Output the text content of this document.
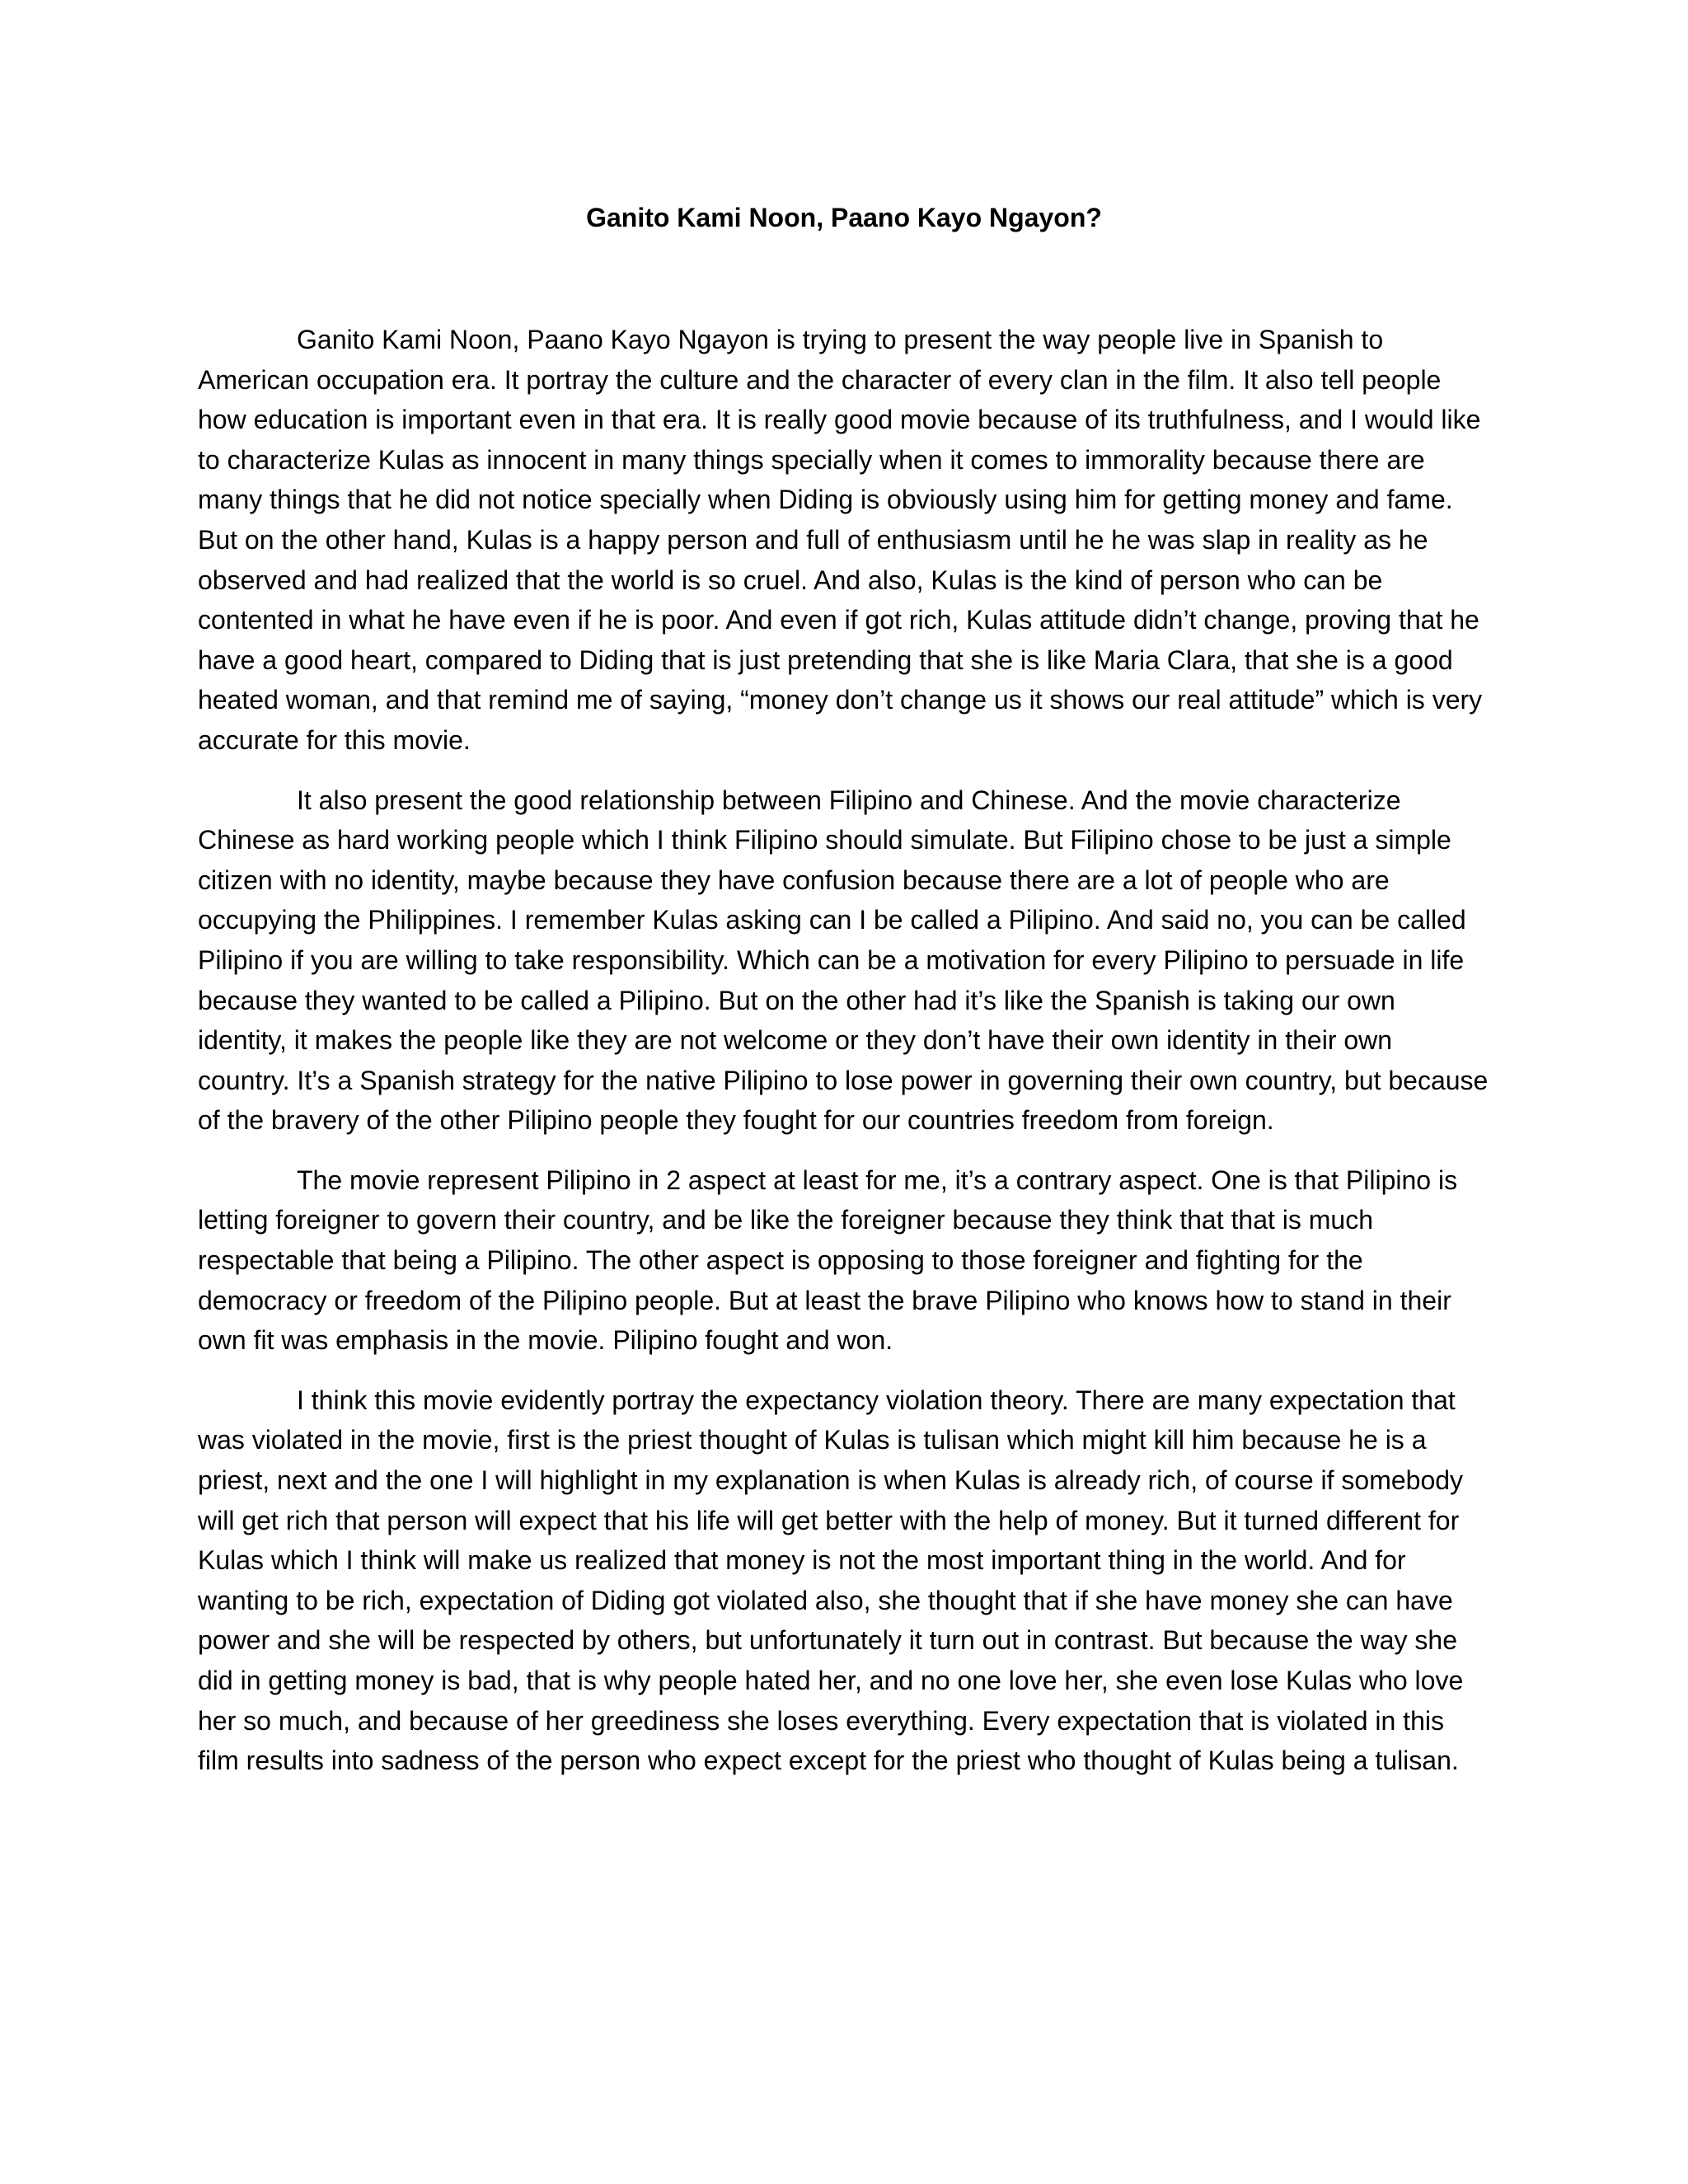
Ganito Kami Noon, Paano Kayo Ngayon?

Ganito Kami Noon, Paano Kayo Ngayon is trying to present the way people live in Spanish to American occupation era. It portray the culture and the character of every clan in the film. It also tell people how education is important even in that era. It is really good movie because of its truthfulness, and I would like to characterize Kulas as innocent in many things specially when it comes to immorality because there are many things that he did not notice specially when Diding is obviously using him for getting money and fame. But on the other hand, Kulas is a happy person and full of enthusiasm until he he was slap in reality as he observed and had realized that the world is so cruel. And also, Kulas is the kind of person who can be contented in what he have even if he is poor. And even if got rich, Kulas attitude didn’t change, proving that he have a good heart, compared to Diding that is just pretending that she is like Maria Clara, that she is a good heated woman, and that remind me of saying, “money don’t change us it shows our real attitude” which is very accurate for this movie.

It also present the good relationship between Filipino and Chinese. And the movie characterize Chinese as hard working people which I think Filipino should simulate. But Filipino chose to be just a simple citizen with no identity, maybe because they have confusion because there are a lot of people who are occupying the Philippines. I remember Kulas asking can I be called a Pilipino. And said no, you can be called Pilipino if you are willing to take responsibility. Which can be a motivation for every Pilipino to persuade in life because they wanted to be called a Pilipino. But on the other had it’s like the Spanish is taking our own identity, it makes the people like they are not welcome or they don’t have their own identity in their own country. It’s a Spanish strategy for the native Pilipino to lose power in governing their own country, but because of the bravery of the other Pilipino people they fought for our countries freedom from foreign.

The movie represent Pilipino in 2 aspect at least for me, it’s a contrary aspect. One is that Pilipino is letting foreigner to govern their country, and be like the foreigner because they think that that is much respectable that being a Pilipino. The other aspect is opposing to those foreigner and fighting for the democracy or freedom of the Pilipino people. But at least the brave Pilipino who knows how to stand in their own fit was emphasis in the movie. Pilipino fought and won.

I think this movie evidently portray the expectancy violation theory. There are many expectation that was violated in the movie, first is the priest thought of Kulas is tulisan which might kill him because he is a priest, next and the one I will highlight in my explanation is when Kulas is already rich, of course if somebody will get rich that person will expect that his life will get better with the help of money. But it turned different for Kulas which I think will make us realized that money is not the most important thing in the world. And for wanting to be rich, expectation of Diding got violated also, she thought that if she have money she can have power and she will be respected by others, but unfortunately it turn out in contrast. But because the way she did in getting money is bad, that is why people hated her, and no one love her, she even lose Kulas who love her so much, and because of her greediness she loses everything. Every expectation that is violated in this film results into sadness of the person who expect except for the priest who thought of Kulas being a tulisan.
